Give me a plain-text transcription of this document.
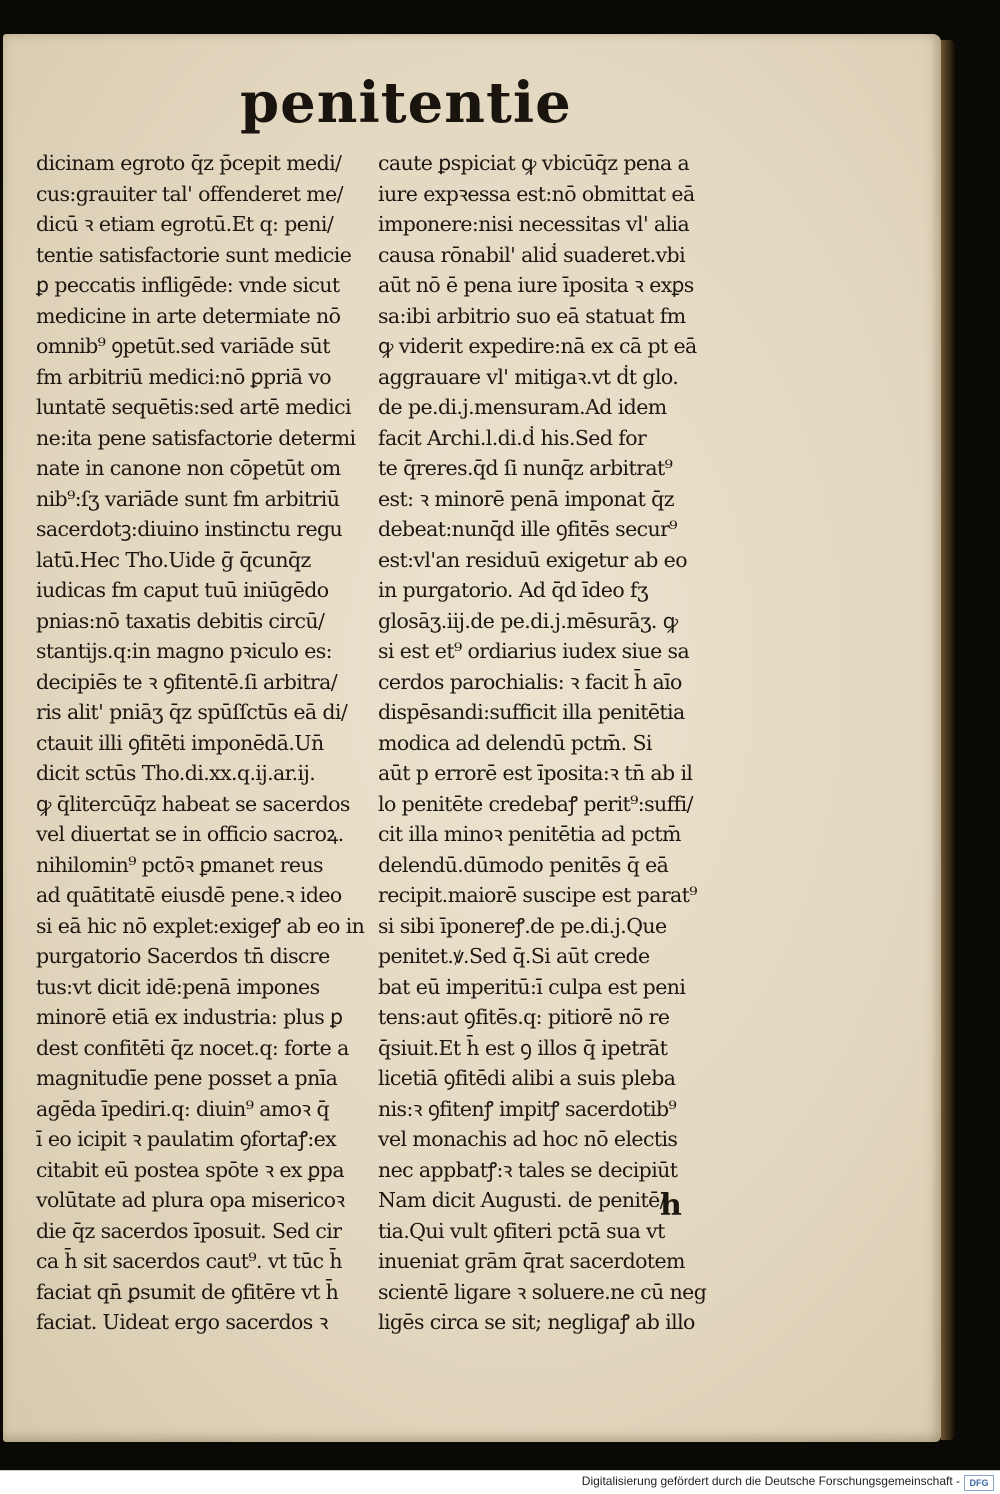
penitentie
dicinam egroto q̄z p̄cepit medi/
cus:grauiter tal' offenderet me/
dicū ꝛ etiam egrotū.Et q: peni/
tentie satisfactorie sunt medicie
ꝑ peccatis infligēde: vnde sicut
medicine in arte determiate nō
omnib⁹ ꝯpetūt.sed variāde sūt
fm arbitriū medici:nō ꝑpriā vo
luntatē sequētis:sed artē medici
ne:ita pene satisfactorie determi
nate in canone non cōpetūt om
nib⁹:ſʒ variāde sunt fm arbitriū
sacerdotꝫ:diuino instinctu regu
latū.Hec Tho.Uide ḡ q̄cunq̄z
iudicas fm caput tuū iniūgēdo
pnias:nō taxatis debitis circū/
stantijs.q:in magno pꝛiculo es:
decipiēs te ꝛ ꝯfitentē.ſi arbitra/
ris alit' pniāʒ q̄z spūſſctūs eā di/
ctauit illi ꝯfitēti imponēdā.Un̄
dicit sctūs Tho.di.xx.q.ij.ar.ij.
ꝙ q̄litercūq̄z habeat se sacerdos
vel diuertat se in officio sacroꝝ.
nihilomin⁹ pctōꝛ ꝑmanet reus
ad quātitatē eiusdē pene.ꝛ ideo
si eā hic nō explet:exigeꝭ ab eo in
purgatorio Sacerdos tn̄ discre
tus:vt dicit idē:penā impones
minorē etiā ex industria: plus ꝑ
dest confitēti q̄z nocet.q: forte a
magnitudīe pene posset a pnīa
agēda īpediri.q: diuin⁹ amoꝛ q̄
ī eo icipit ꝛ paulatim ꝯfortaꝭ:ex
citabit eū postea spōte ꝛ ex ꝑpa
volūtate ad plura opa misericoꝛ
die q̄z sacerdos īposuit. Sed cir
ca h̄ sit sacerdos caut⁹. vt tūc h̄
faciat qn̄ ꝑsumit de ꝯfitēre vt h̄
faciat. Uideat ergo sacerdos ꝛ
caute ꝑspiciat ꝙ vbicūq̄z pena a
iure expꝛessa est:nō obmittat eā
imponere:nisi necessitas vl' alia
causa rōnabil' aliḋ suaderet.vbi
aūt nō ē pena iure īposita ꝛ exꝑs
sa:ibi arbitrio suo eā statuat fm
ꝙ viderit expedire:nā ex cā pt eā
aggrauare vl' mitigaꝛ.vt ḋt glo.
de pe.di.j.mensuram.Ad idem
facit Archi.l.di.ḋ his.Sed for
te q̄reres.q̄d ſi nunq̄z arbitrat⁹
est: ꝛ minorē penā imponat q̄z
debeat:nunq̄d ille ꝯfitēs secur⁹
est:vl'an residuū exigetur ab eo
in purgatorio. Ad q̄d īdeo fʒ
glosāʒ.iij.de pe.di.j.mēsurāʒ. ꝙ
si est et⁹ ordiarius iudex siue sa
cerdos parochialis: ꝛ facit h̄ aīo
dispēsandi:sufficit illa penitētia
modica ad delendū pctm̄. Si
aūt p errorē est īposita:ꝛ tn̄ ab il
lo penitēte credebaꝭ perit⁹:suffi/
cit illa minoꝛ penitētia ad pctm̄
delendū.dūmodo penitēs q̄ eā
recipit.maiorē suscipe est parat⁹
si sibi īponereꝭ.de pe.di.j.Que
penitet.ꝟ.Sed q̄.Si aūt crede
bat eū imperitū:ī culpa est peni
tens:aut ꝯfitēs.q: pitiorē nō re
q̄siuit.Et h̄ est ꝯ illos q̄ ipetrāt
licetiā ꝯfitēdi alibi a suis pleba
nis:ꝛ ꝯfitenꝭ impitꝭ sacerdotib⁹
vel monachis ad hoc nō electis
nec appbatꝭ:ꝛ tales se decipiūt
Nam dicit Augusti. de penitē/
tia.Qui vult ꝯfiteri pctā sua vt
inueniat grām q̄rat sacerdotem
scientē ligare ꝛ soluere.ne cū neg
ligēs circa se sit; negligaꝭ ab illo
h
Digitalisierung gefördert durch die Deutsche Forschungsgemeinschaft -	DFG
